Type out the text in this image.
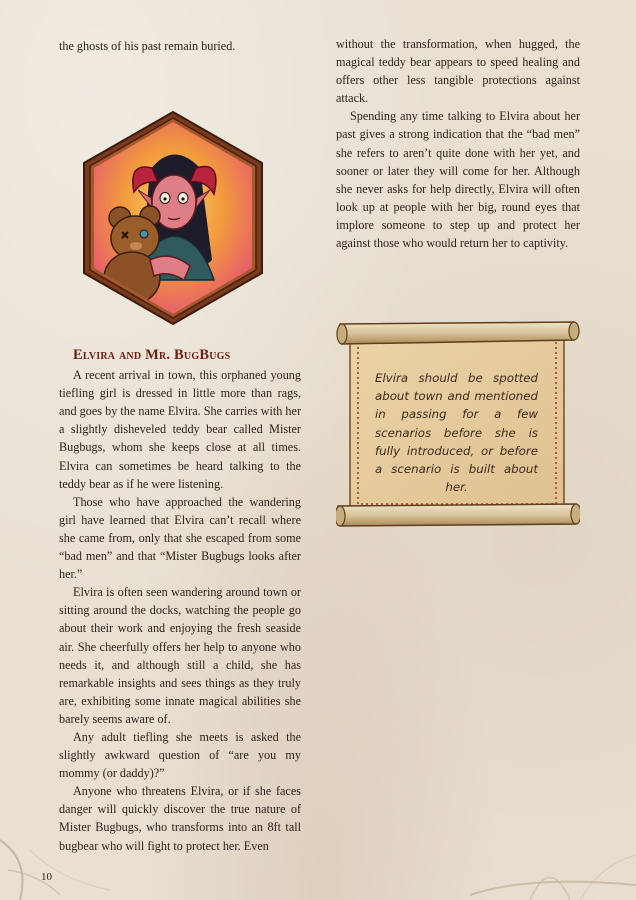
the ghosts of his past remain buried.

Elvira and Mr. BugBugs

A recent arrival in town, this orphaned young tiefling girl is dressed in little more than rags, and goes by the name Elvira. She carries with her a slightly disheveled teddy bear called Mister Bugbugs, whom she keeps close at all times. Elvira can sometimes be heard talking to the teddy bear as if he were listening.

Those who have approached the wandering girl have learned that Elvira can’t recall where she came from, only that she escaped from some “bad men” and that “Mister Bugbugs looks after her.”

Elvira is often seen wandering around town or sitting around the docks, watching the people go about their work and enjoying the fresh seaside air. She cheerfully offers her help to anyone who needs it, and although still a child, she has remarkable insights and sees things as they truly are, exhibiting some innate magical abilities she barely seems aware of.

Any adult tiefling she meets is asked the slightly awkward question of “are you my mommy (or daddy)?”

Anyone who threatens Elvira, or if she faces danger will quickly discover the true nature of Mister Bugbugs, who transforms into an 8ft tall bugbear who will fight to protect her. Even

without the transformation, when hugged, the magical teddy bear appears to speed healing and offers other less tangible protections against attack.

Spending any time talking to Elvira about her past gives a strong indication that the “bad men” she refers to aren’t quite done with her yet, and sooner or later they will come for her. Although she never asks for help directly, Elvira will often look up at people with her big, round eyes that implore someone to step up and protect her against those who would return her to captivity.

Elvira should be spotted about town and mentioned in passing for a few scenarios before she is fully introduced, or before a scenario is built about her.
10
